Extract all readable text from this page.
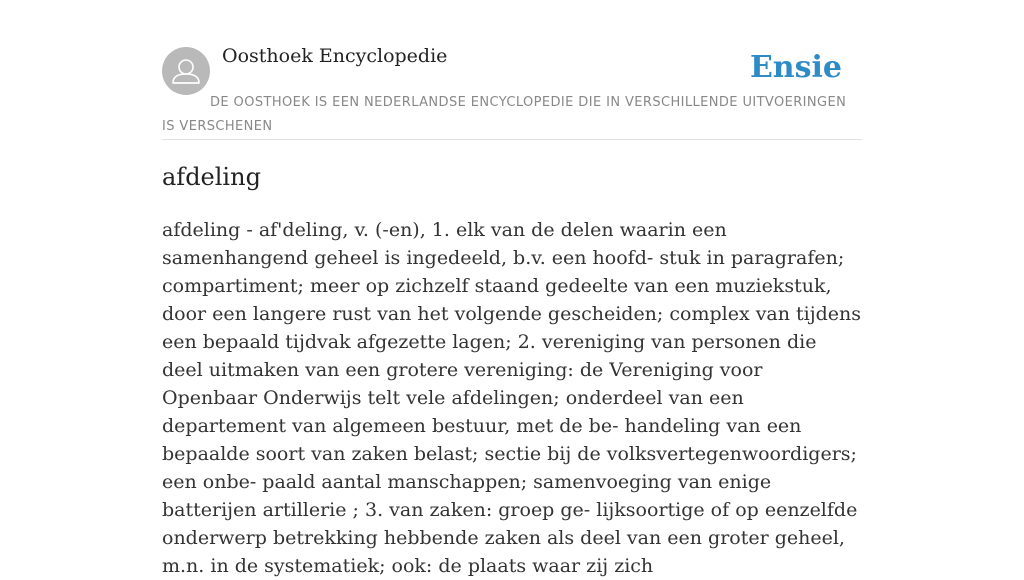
Oosthoek Encyclopedie	Ensie
DE OOSTHOEK IS EEN NEDERLANDSE ENCYCLOPEDIE DIE IN VERSCHILLENDE UITVOERINGEN IS VERSCHENEN
afdeling

afdeling - af'deling, v. (-en), 1. elk van de delen waarin een samenhangend geheel is ingedeeld, b.v. een hoofd- stuk in paragrafen; compartiment; meer op zichzelf staand gedeelte van een muziekstuk, door een langere rust van het volgende gescheiden; complex van tijdens een bepaald tijdvak afgezette lagen; 2. vereniging van personen die deel uitmaken van een grotere vereniging: de Vereniging voor Openbaar Onderwijs telt vele afdelingen; onderdeel van een departement van algemeen bestuur, met de be- handeling van een bepaalde soort van zaken belast; sectie bij de volksvertegenwoordigers; een onbe- paald aantal manschappen; samenvoeging van enige batterijen artillerie ; 3. van zaken: groep ge- lijksoortige of op eenzelfde onderwerp betrekking hebbende zaken als deel van een groter geheel, m.n. in de systematiek; ook: de plaats waar zij zich
